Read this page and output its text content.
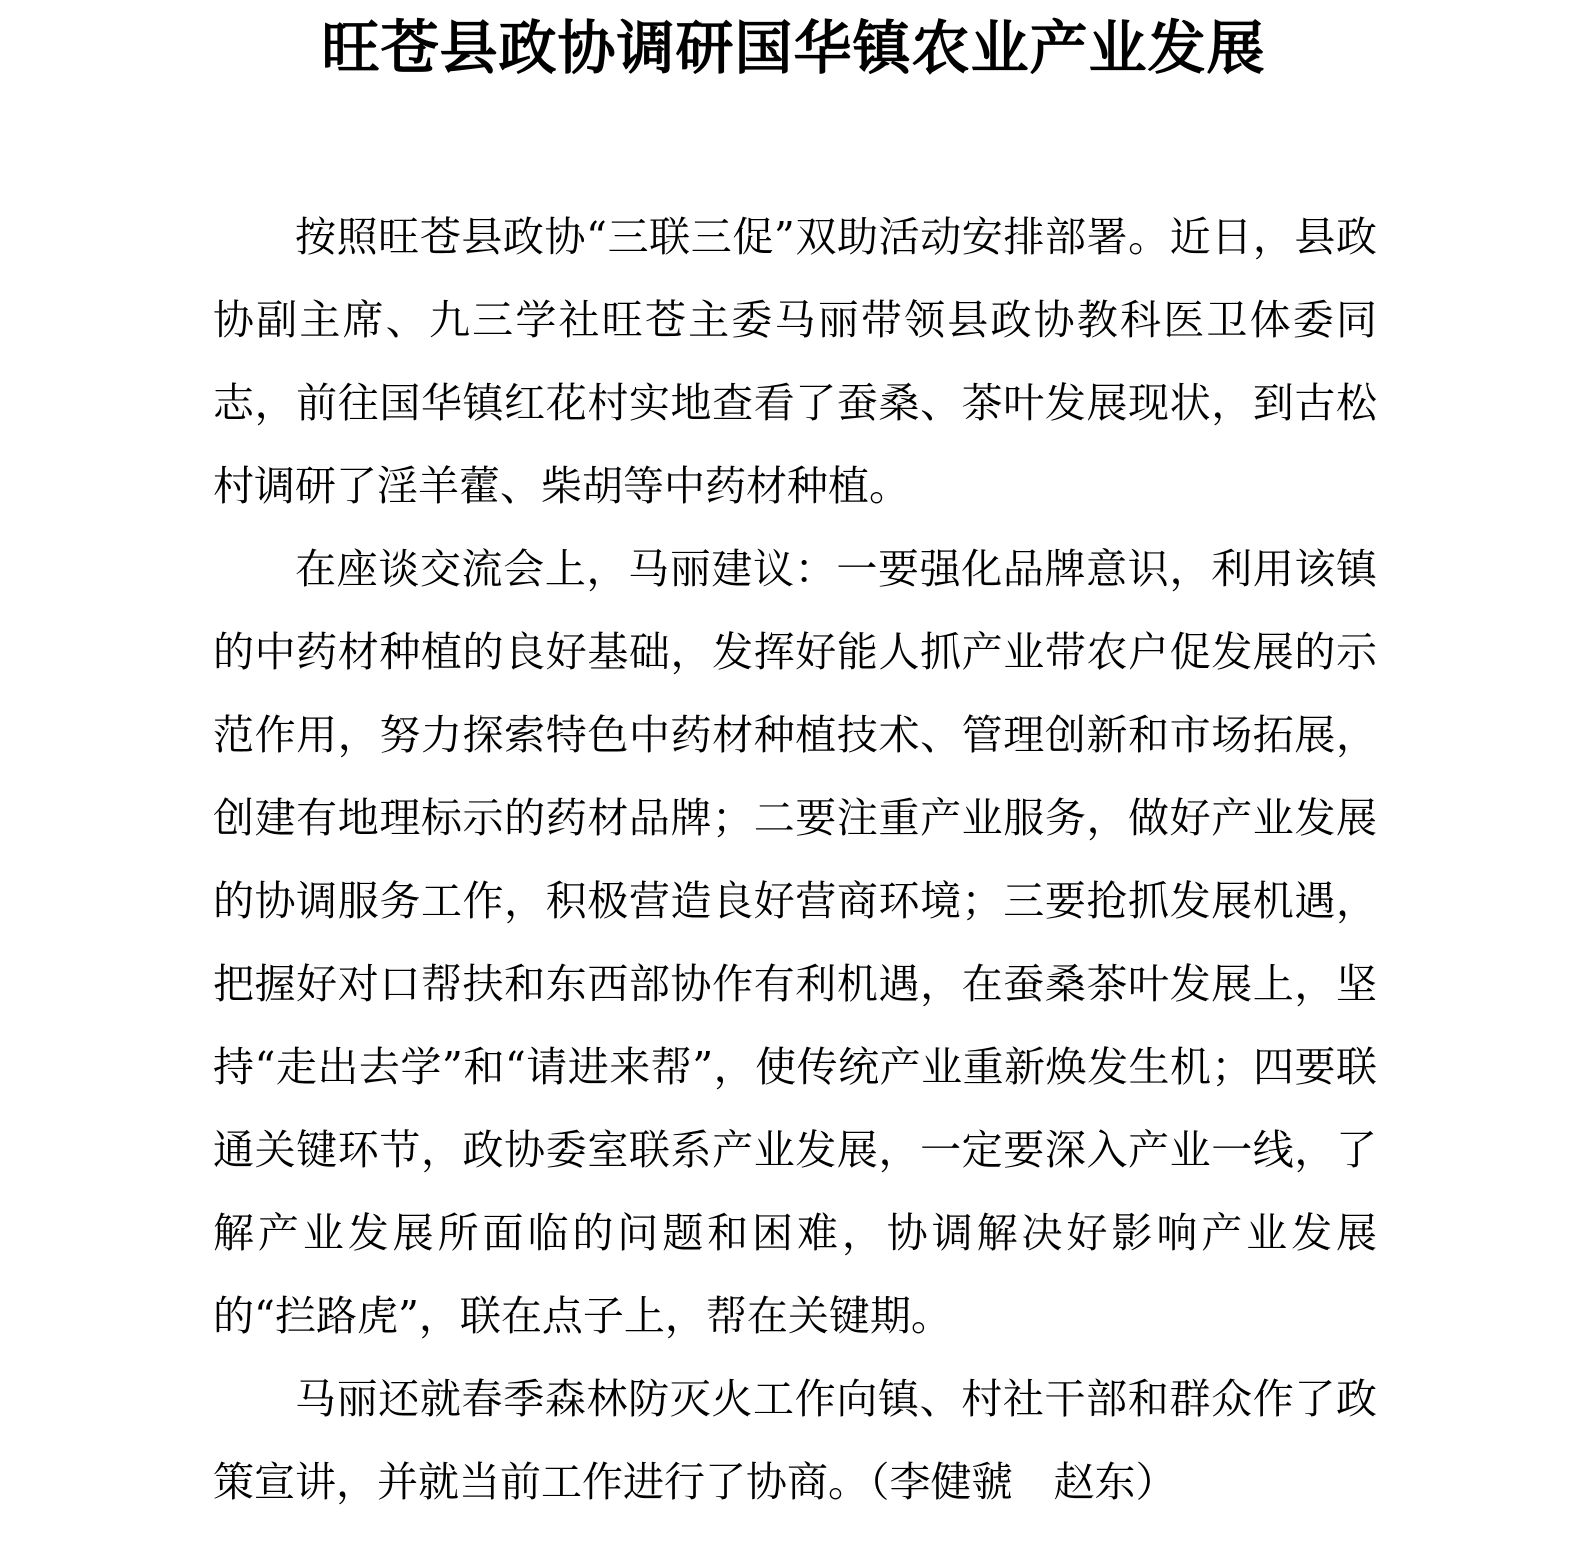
旺苍县政协调研国华镇农业产业发展

按照旺苍县政协“三联三促”双助活动安排部署。近日，县政协副主席、九三学社旺苍主委马丽带领县政协教科医卫体委同志，前往国华镇红花村实地查看了蚕桑、茶叶发展现状，到古松村调研了淫羊藿、柴胡等中药材种植。

在座谈交流会上，马丽建议：一要强化品牌意识，利用该镇的中药材种植的良好基础，发挥好能人抓产业带农户促发展的示范作用，努力探索特色中药材种植技术、管理创新和市场拓展，创建有地理标示的药材品牌；二要注重产业服务，做好产业发展的协调服务工作，积极营造良好营商环境；三要抢抓发展机遇，把握好对口帮扶和东西部协作有利机遇，在蚕桑茶叶发展上，坚持“走出去学”和“请进来帮”，使传统产业重新焕发生机；四要联通关键环节，政协委室联系产业发展，一定要深入产业一线，了解产业发展所面临的问题和困难，协调解决好影响产业发展的“拦路虎”，联在点子上，帮在关键期。

马丽还就春季森林防灭火工作向镇、村社干部和群众作了政策宣讲，并就当前工作进行了协商。（李健虢　赵东）
